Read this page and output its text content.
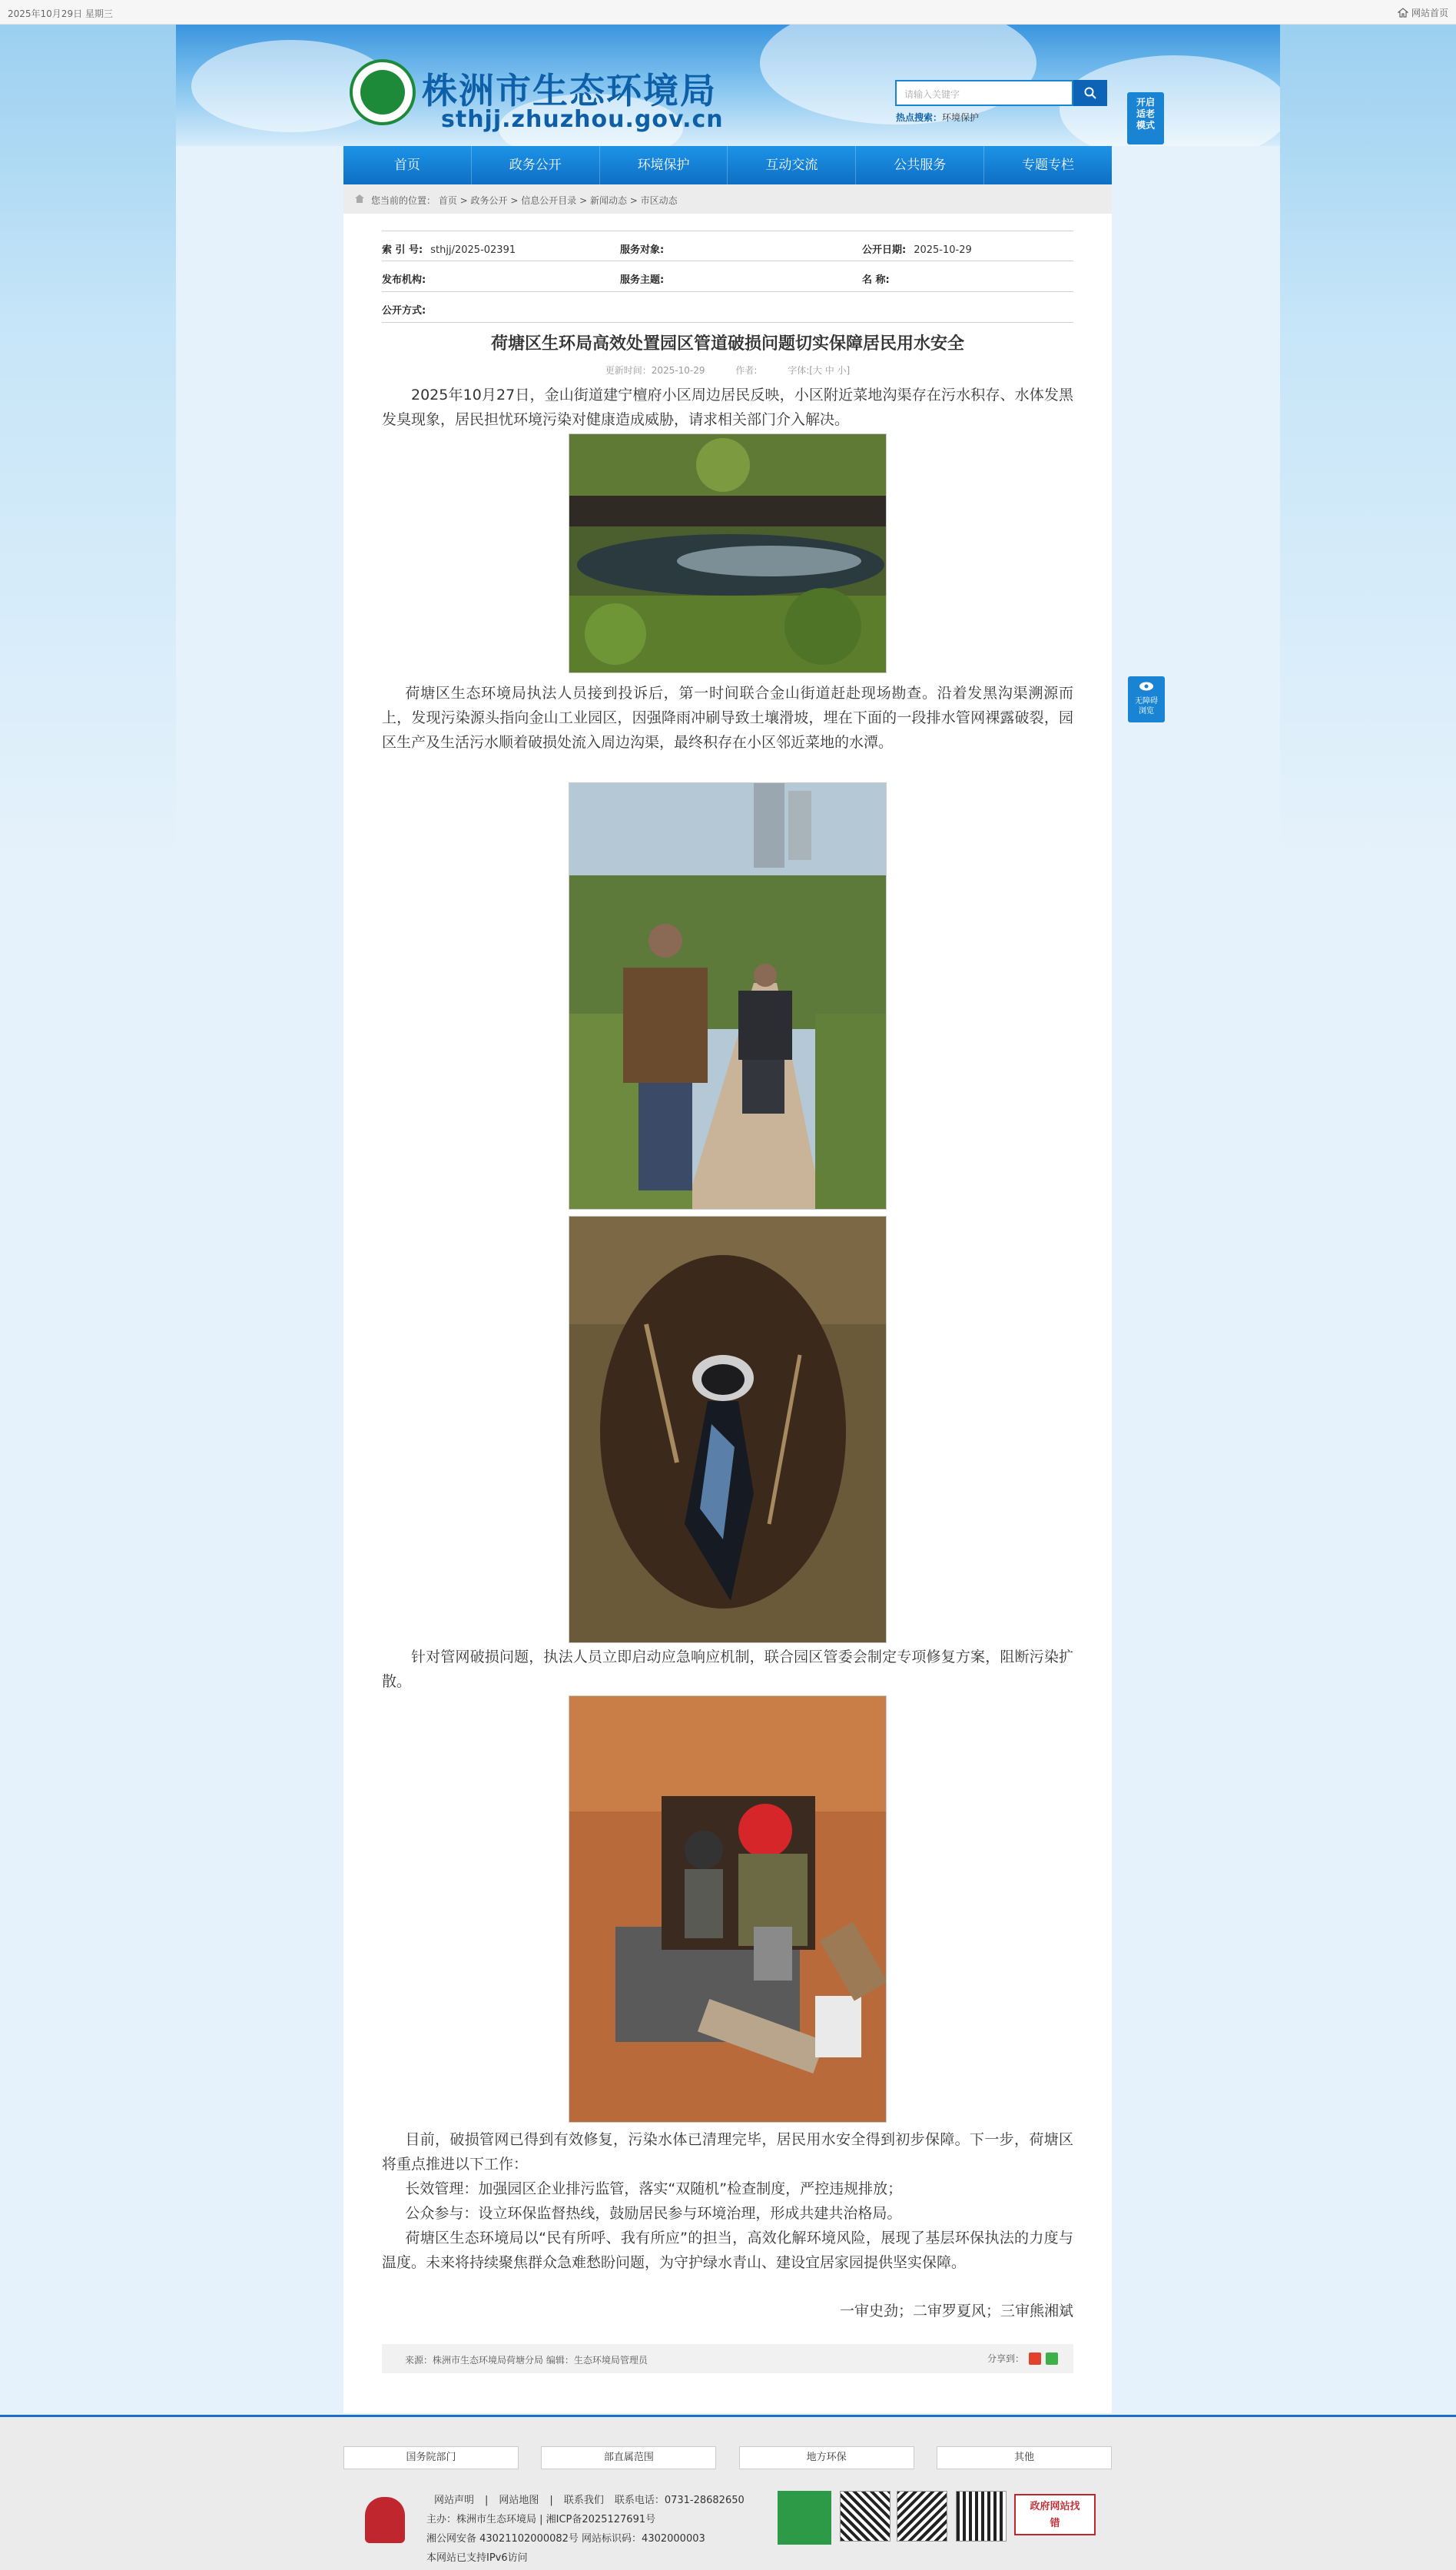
2025年10月29日 星期三	网站首页
株洲市生态环境局
sthjj.zhuzhou.gov.cn
请输入关键字
热点搜索：环境保护
开启适老模式
首页	政务公开	环境保护	互动交流	公共服务	专题专栏
您当前的位置： 首页 > 政务公开 > 信息公开目录 > 新闻动态 > 市区动态
索 引 号: sthjj/2025-02391	服务对象:	公开日期: 2025-10-29
发布机构:	服务主题:	名 称:
公开方式:
荷塘区生环局高效处置园区管道破损问题切实保障居民用水安全
更新时间：2025-10-29	作者:	字体:[大 中 小]
2025年10月27日，金山街道建宁檀府小区周边居民反映，小区附近菜地沟渠存在污水积存、水体发黑发臭现象，居民担忧环境污染对健康造成威胁，请求相关部门介入解决。
荷塘区生态环境局执法人员接到投诉后，第一时间联合金山街道赶赴现场勘查。沿着发黑沟渠溯源而上，发现污染源头指向金山工业园区，因强降雨冲刷导致土壤滑坡，埋在下面的一段排水管网裸露破裂，园区生产及生活污水顺着破损处流入周边沟渠，最终积存在小区邻近菜地的水潭。
针对管网破损问题，执法人员立即启动应急响应机制，联合园区管委会制定专项修复方案，阻断污染扩散。
目前，破损管网已得到有效修复，污染水体已清理完毕，居民用水安全得到初步保障。下一步，荷塘区将重点推进以下工作：
长效管理：加强园区企业排污监管，落实“双随机”检查制度，严控违规排放；
公众参与：设立环保监督热线，鼓励居民参与环境治理，形成共建共治格局。
荷塘区生态环境局以“民有所呼、我有所应”的担当，高效化解环境风险，展现了基层环保执法的力度与温度。未来将持续聚焦群众急难愁盼问题，为守护绿水青山、建设宜居家园提供坚实保障。
一审史劲；二审罗夏风；三审熊湘斌
来源：株洲市生态环境局荷塘分局 编辑：生态环境局管理员	分享到：
无障碍浏览
国务院部门	部直属范围	地方环保	其他
网站声明 | 网站地图 | 联系我们 联系电话：0731-28682650
主办：株洲市生态环境局 | 湘ICP备2025127691号
湘公网安备 43021102000082号 网站标识码：4302000003
本网站已支持IPv6访问
政府网站找错
